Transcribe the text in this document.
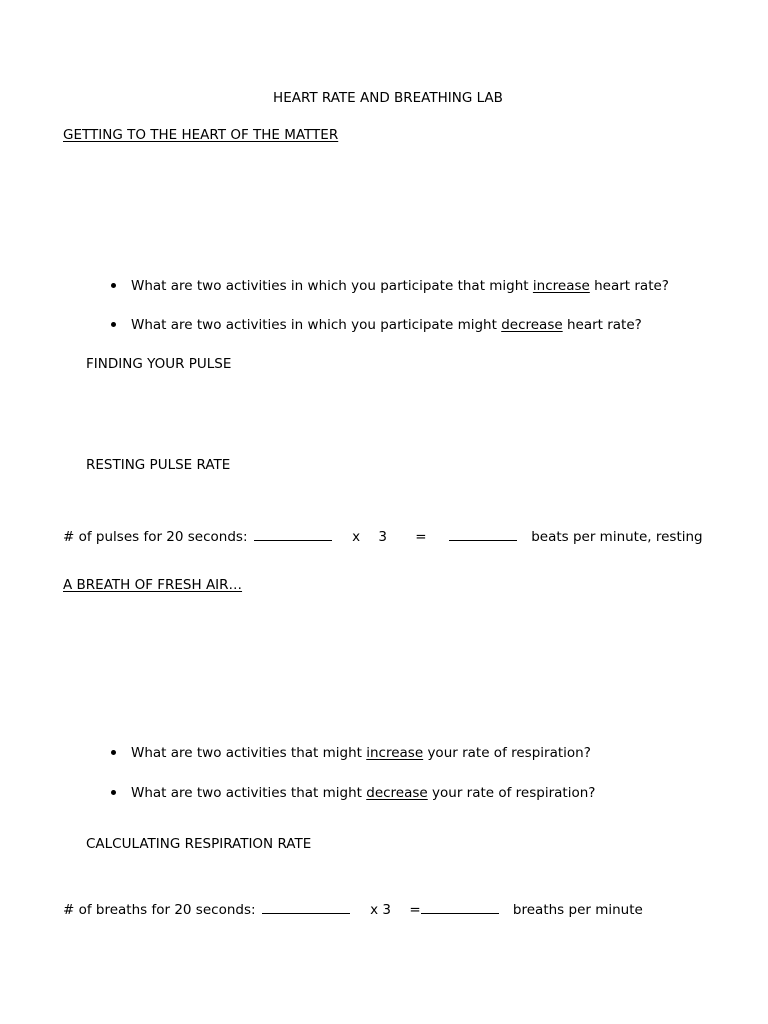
HEART RATE AND BREATHING LAB
GETTING TO THE HEART OF THE MATTER
What are two activities in which you participate that might increase heart rate?
What are two activities in which you participate might decrease heart rate?
FINDING YOUR PULSE
RESTING PULSE RATE
# of pulses for 20 seconds:	x 3 =	beats per minute, resting
A BREATH OF FRESH AIR…
What are two activities that might increase your rate of respiration?
What are two activities that might decrease your rate of respiration?
CALCULATING RESPIRATION RATE
# of breaths for 20 seconds:	x 3 =	breaths per minute
